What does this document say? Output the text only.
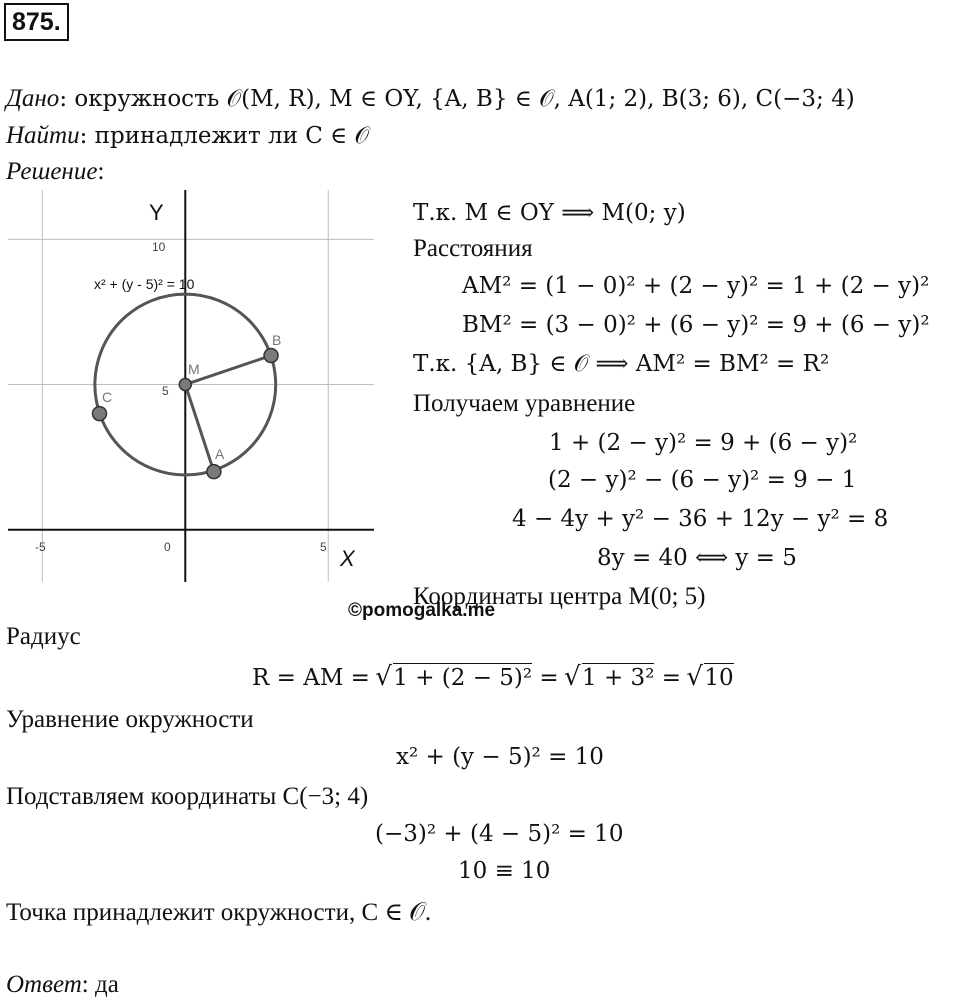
875.
Дано: окружность 𝒪(M, R), M ∈ OY, {A, B} ∈ 𝒪, A(1; 2), B(3; 6), C(−3; 4)
Найти: принадлежит ли C ∈ 𝒪
Решение:
Y
X
10
5
-5	0	5
x² + (y - 5)² = 10
M
A
B
C
Т.к. M ∈ OY ⟹ M(0; y)
Расстояния
AM² = (1 − 0)² + (2 − y)² = 1 + (2 − y)²
BM² = (3 − 0)² + (6 − y)² = 9 + (6 − y)²
Т.к. {A, B} ∈ 𝒪 ⟹ AM² = BM² = R²
Получаем уравнение
1 + (2 − y)² = 9 + (6 − y)²
(2 − y)² − (6 − y)² = 9 − 1
4 − 4y + y² − 36 + 12y − y² = 8
8y = 40 ⟺ y = 5
Координаты центра M(0; 5)
©pomogalka.me
Радиус
R = AM = √ 1 + (2 − 5)² = √ 1 + 3² = √ 10
Уравнение окружности
x² + (y − 5)² = 10
Подставляем координаты C(−3; 4)
(−3)² + (4 − 5)² = 10
10 ≡ 10
Точка принадлежит окружности, C ∈ 𝒪.
Ответ: да
